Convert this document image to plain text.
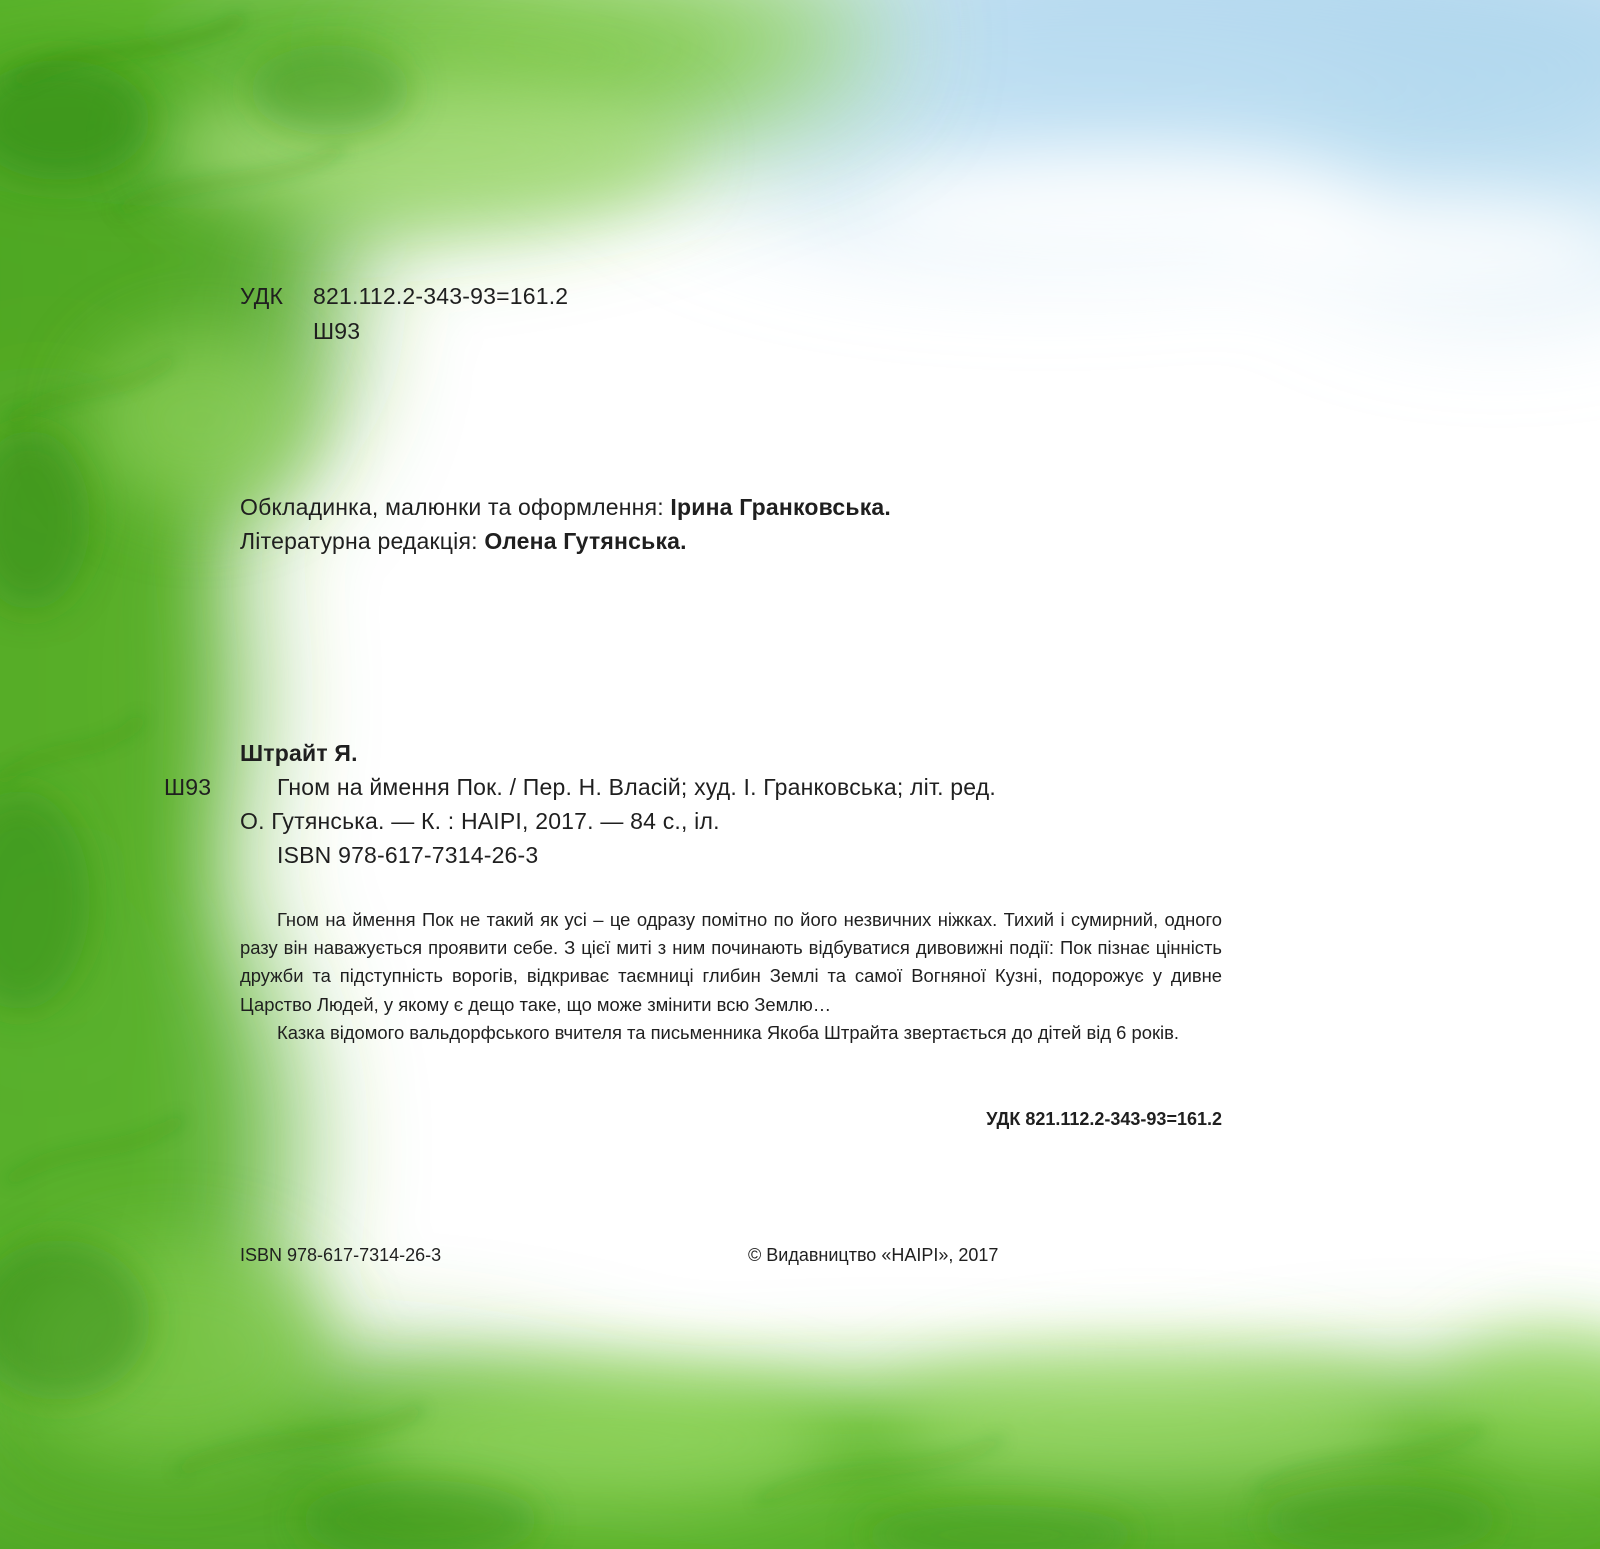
УДК 821.112.2-343-93=161.2
Ш93
Обкладинка, малюнки та оформлення: Ірина Гранковська.
Літературна редакція: Олена Гутянська.
Штрайт Я.
Ш93	Гном на ймення Пок. / Пер. Н. Власій; худ. І. Гранковська; літ. ред.
О. Гутянська. — К. : НАІРІ, 2017. — 84 с., іл.
ISBN 978-617-7314-26-3

Гном на ймення Пок не такий як усі – це одразу помітно по його незвичних ніжках. Тихий і сумирний, одного разу він наважується проявити себе. З цієї миті з ним починають відбуватися дивовижні події: Пок пізнає цінність дружби та підступність ворогів, відкриває таємниці глибин Землі та самої Вогняної Кузні, подорожує у дивне Царство Людей, у якому є дещо таке, що може змінити всю Землю…

Казка відомого вальдорфського вчителя та письменника Якоба Штрайта звертається до дітей від 6 років.

УДК 821.112.2-343-93=161.2
ISBN 978-617-7314-26-3	© Видавництво «НАІРІ», 2017
